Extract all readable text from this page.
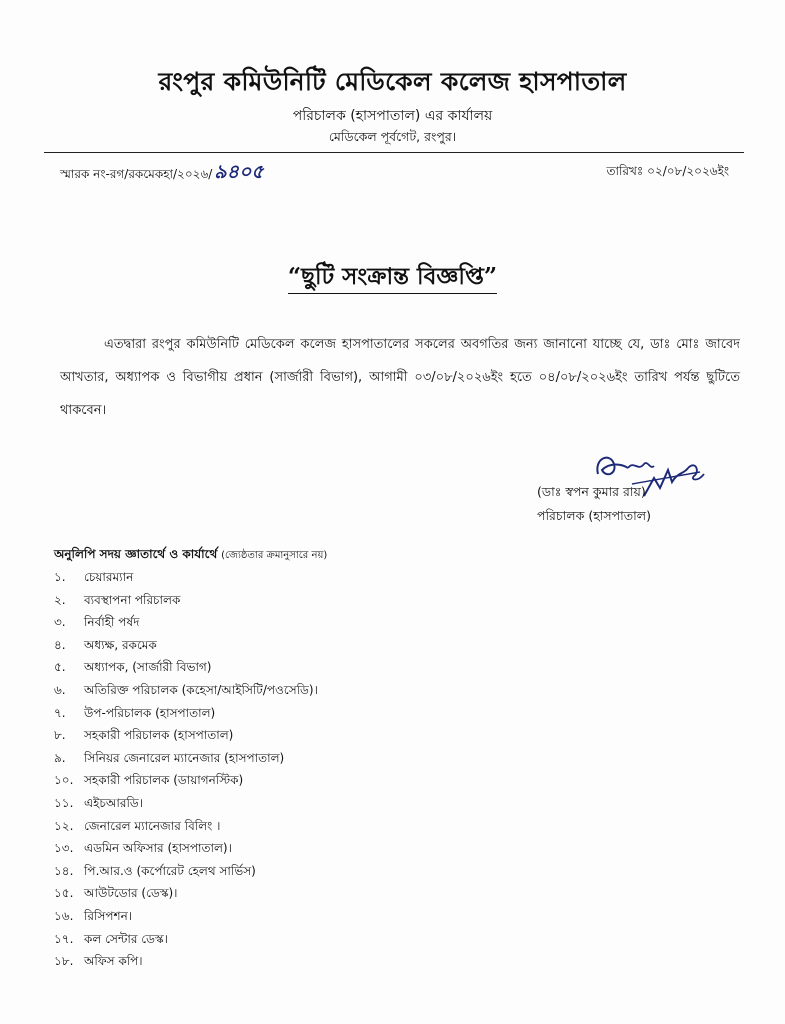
রংপুর কমিউনিটি মেডিকেল কলেজ হাসপাতাল
পরিচালক (হাসপাতাল) এর কার্যালয়
মেডিকেল পূর্বগেট, রংপুর।
স্মারক নং-রগ/রকমেকহা/২০২৬/ ৯৪০৫	তারিখঃ ০২/০৮/২০২৬ইং
“ছুটি সংক্রান্ত বিজ্ঞপ্তি”
এতদ্বারা রংপুর কমিউনিটি মেডিকেল কলেজ হাসপাতালের সকলের অবগতির জন্য জানানো যাচ্ছে যে, ডাঃ মোঃ জাবেদ আখতার, অধ্যাপক ও বিভাগীয় প্রধান (সার্জারী বিভাগ), আগামী ০৩/০৮/২০২৬ইং হতে ০৪/০৮/২০২৬ইং তারিখ পর্যন্ত ছুটিতে থাকবেন।
(ডাঃ স্বপন কুমার রায়)
পরিচালক (হাসপাতাল)
অনুলিপি সদয় জ্ঞাতার্থে ও কার্যার্থে (জ্যেষ্ঠতার ক্রমানুসারে নয়)
১. চেয়ারম্যান
২. ব্যবস্থাপনা পরিচালক
৩. নির্বাহী পর্ষদ
৪. অধ্যক্ষ, রকমেক
৫. অধ্যাপক, (সার্জারী বিভাগ)
৬. অতিরিক্ত পরিচালক (কহেসা/আইসিটি/পওসেডি)।
৭. উপ-পরিচালক (হাসপাতাল)
৮. সহকারী পরিচালক (হাসপাতাল)
৯. সিনিয়র জেনারেল ম্যানেজার (হাসপাতাল)
১০. সহকারী পরিচালক (ডায়াগনস্টিক)
১১. এইচআরডি।
১২. জেনারেল ম্যানেজার বিলিং ।
১৩. এডমিন অফিসার (হাসপাতাল)।
১৪. পি.আর.ও (কর্পোরেট হেলথ সার্ভিস)
১৫. আউটডোর (ডেস্ক)।
১৬. রিসিপশন।
১৭. কল সেন্টার ডেস্ক।
১৮. অফিস কপি।
